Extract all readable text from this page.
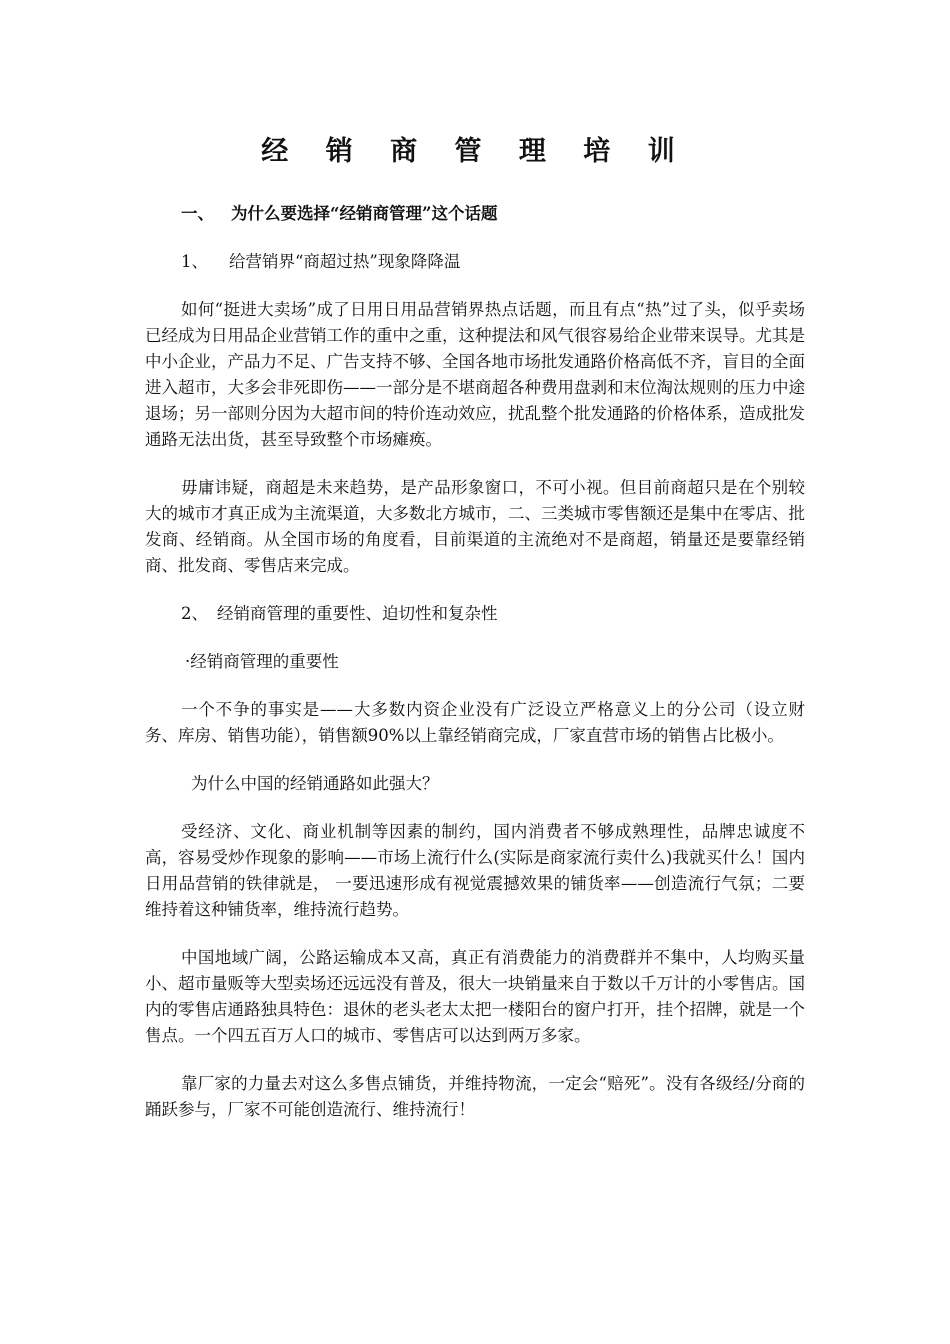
经 销 商 管 理 培 训
一、 为什么要选择“经销商管理”这个话题
1、 给营销界“商超过热”现象降降温

如何“挺进大卖场”成了日用日用品营销界热点话题，而且有点“热”过了头，似乎卖场已经成为日用品企业营销工作的重中之重，这种提法和风气很容易给企业带来误导。尤其是中小企业，产品力不足、广告支持不够、全国各地市场批发通路价格高低不齐，盲目的全面进入超市，大多会非死即伤——一部分是不堪商超各种费用盘剥和末位淘汰规则的压力中途退场；另一部则分因为大超市间的特价连动效应，扰乱整个批发通路的价格体系，造成批发通路无法出货，甚至导致整个市场瘫痪。

毋庸讳疑，商超是未来趋势，是产品形象窗口，不可小视。但目前商超只是在个别较大的城市才真正成为主流渠道，大多数北方城市，二、三类城市零售额还是集中在零店、批发商、经销商。从全国市场的角度看，目前渠道的主流绝对不是商超，销量还是要靠经销商、批发商、零售店来完成。

2、 经销商管理的重要性、迫切性和复杂性
·经销商管理的重要性

一个不争的事实是——大多数内资企业没有广泛设立严格意义上的分公司（设立财务、库房、销售功能），销售额90%以上靠经销商完成，厂家直营市场的销售占比极小。

为什么中国的经销通路如此强大？

受经济、文化、商业机制等因素的制约，国内消费者不够成熟理性，品牌忠诚度不高，容易受炒作现象的影响——市场上流行什么(实际是商家流行卖什么)我就买什么！国内日用品营销的铁律就是， 一要迅速形成有视觉震撼效果的铺货率——创造流行气氛；二要维持着这种铺货率，维持流行趋势。

中国地域广阔，公路运输成本又高，真正有消费能力的消费群并不集中，人均购买量小、超市量贩等大型卖场还远远没有普及，很大一块销量来自于数以千万计的小零售店。国内的零售店通路独具特色：退休的老头老太太把一楼阳台的窗户打开，挂个招牌，就是一个售点。一个四五百万人口的城市、零售店可以达到两万多家。

靠厂家的力量去对这么多售点铺货，并维持物流，一定会“赔死”。没有各级经/分商的踊跃参与，厂家不可能创造流行、维持流行！
